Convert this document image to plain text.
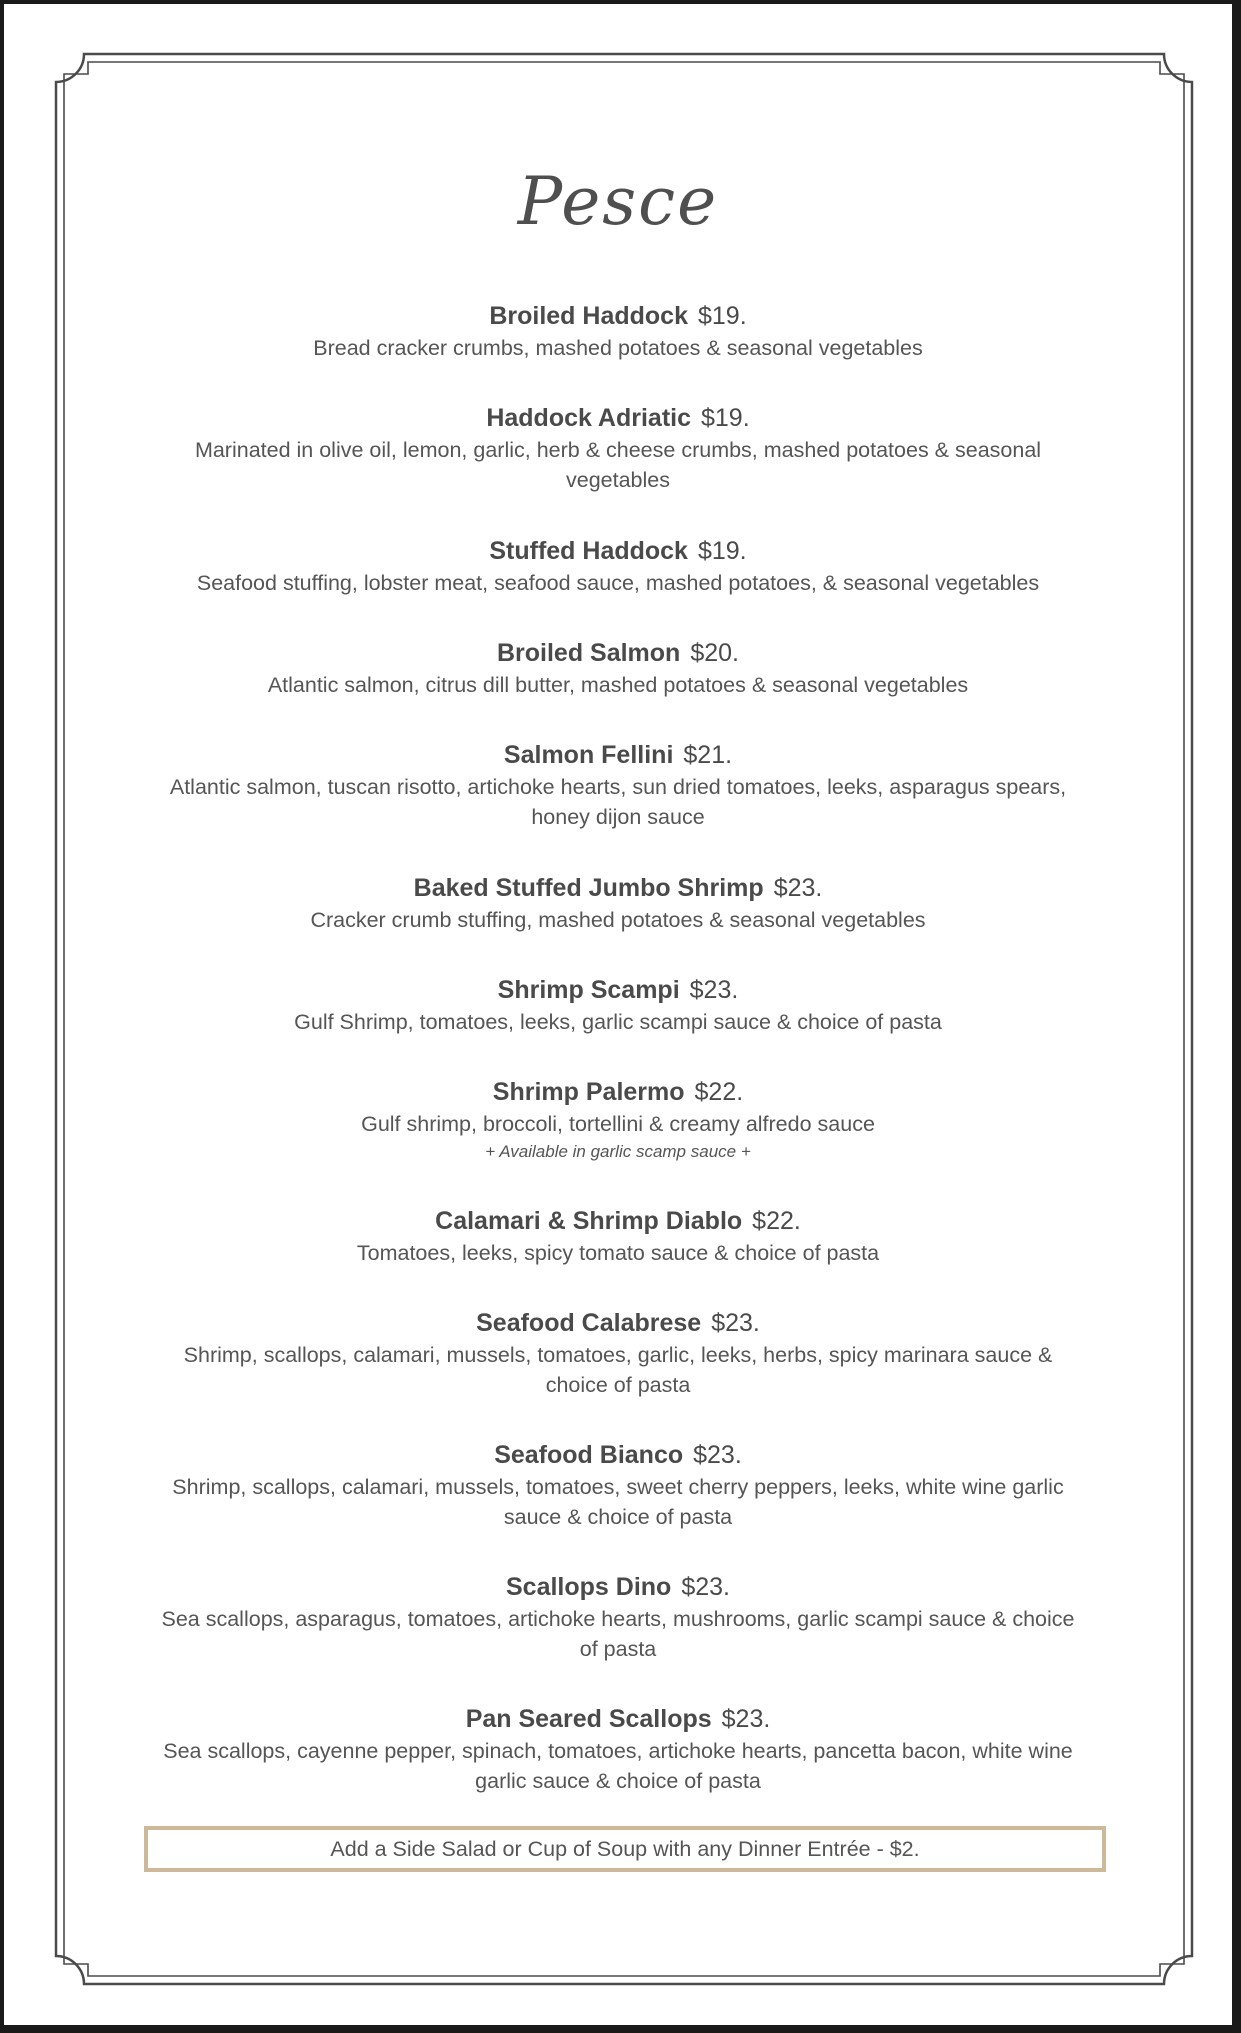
Pesce
Broiled Haddock $19.
Bread cracker crumbs, mashed potatoes & seasonal vegetables
Haddock Adriatic $19.
Marinated in olive oil, lemon, garlic, herb & cheese crumbs, mashed potatoes & seasonal vegetables
Stuffed Haddock $19.
Seafood stuffing, lobster meat, seafood sauce, mashed potatoes, & seasonal vegetables
Broiled Salmon $20.
Atlantic salmon, citrus dill butter, mashed potatoes & seasonal vegetables
Salmon Fellini $21.
Atlantic salmon, tuscan risotto, artichoke hearts, sun dried tomatoes, leeks, asparagus spears, honey dijon sauce
Baked Stuffed Jumbo Shrimp $23.
Cracker crumb stuffing, mashed potatoes & seasonal vegetables
Shrimp Scampi $23.
Gulf Shrimp, tomatoes, leeks, garlic scampi sauce & choice of pasta
Shrimp Palermo $22.
Gulf shrimp, broccoli, tortellini & creamy alfredo sauce
+ Available in garlic scamp sauce +
Calamari & Shrimp Diablo $22.
Tomatoes, leeks, spicy tomato sauce & choice of pasta
Seafood Calabrese $23.
Shrimp, scallops, calamari, mussels, tomatoes, garlic, leeks, herbs, spicy marinara sauce & choice of pasta
Seafood Bianco $23.
Shrimp, scallops, calamari, mussels, tomatoes, sweet cherry peppers, leeks, white wine garlic sauce & choice of pasta
Scallops Dino $23.
Sea scallops, asparagus, tomatoes, artichoke hearts, mushrooms, garlic scampi sauce & choice of pasta
Pan Seared Scallops $23.
Sea scallops, cayenne pepper, spinach, tomatoes, artichoke hearts, pancetta bacon, white wine garlic sauce & choice of pasta
Add a Side Salad or Cup of Soup with any Dinner Entrée - $2.
